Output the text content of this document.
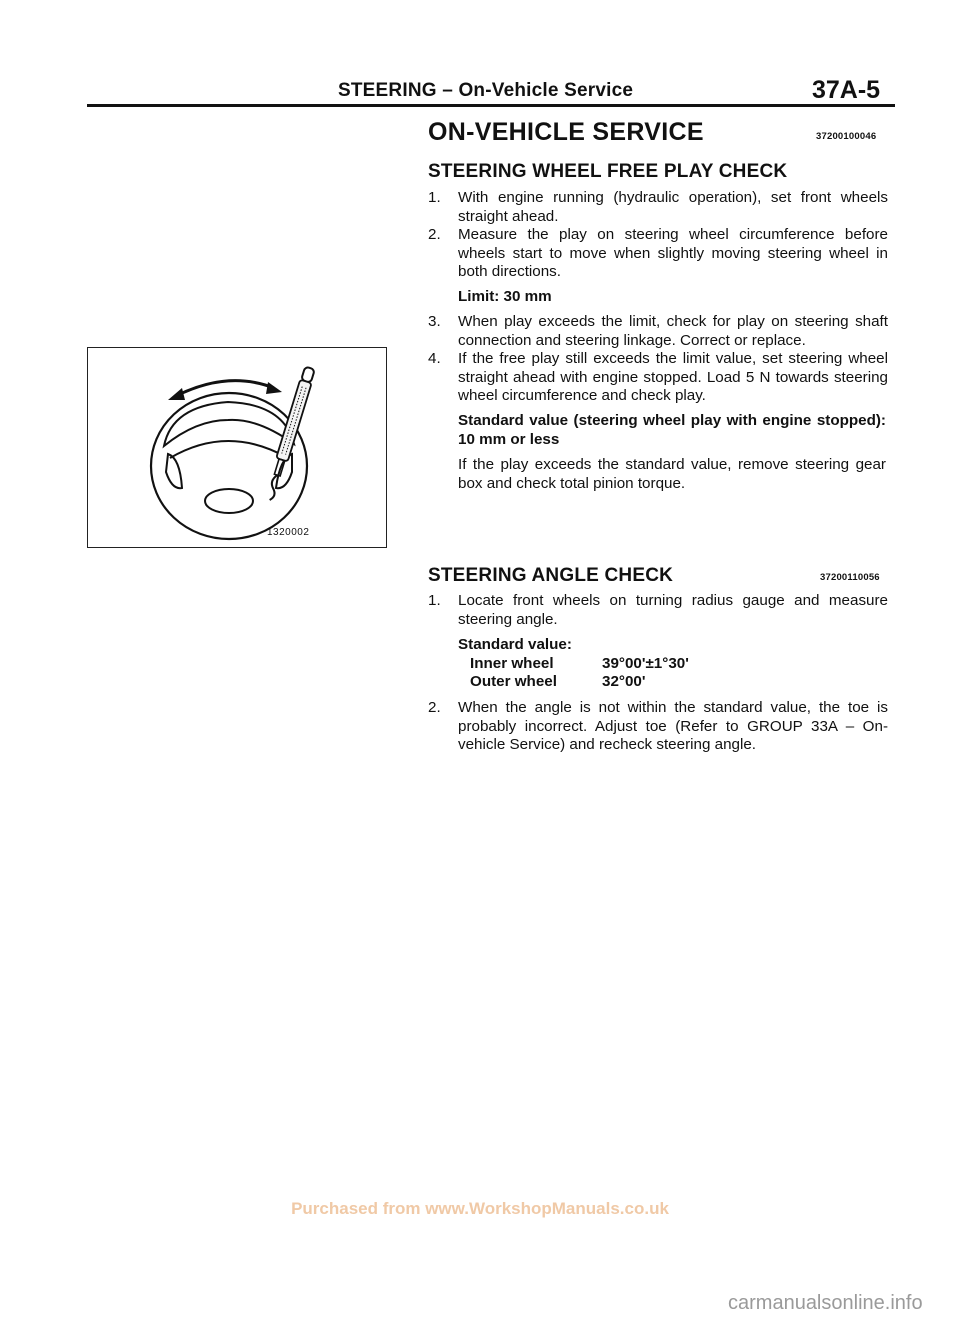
STEERING – On-Vehicle Service	37A-5
ON-VEHICLE SERVICE	37200100046
STEERING WHEEL FREE PLAY CHECK
1. With engine running (hydraulic operation), set front wheels straight ahead.
2. Measure the play on steering wheel circumference before wheels start to move when slightly moving steering wheel in both directions.
Limit: 30 mm
3. When play exceeds the limit, check for play on steering shaft connection and steering linkage. Correct or replace.
4. If the free play still exceeds the limit value, set steering wheel straight ahead with engine stopped. Load 5 N towards steering wheel circumference and check play.
Standard value (steering wheel play with engine stopped): 10 mm or less
If the play exceeds the standard value, remove steering gear box and check total pinion torque.
1320002
STEERING ANGLE CHECK	37200110056
1. Locate front wheels on turning radius gauge and measure steering angle.
Standard value:
Inner wheel	39°00'±1°30'
Outer wheel	32°00'
2. When the angle is not within the standard value, the toe is probably incorrect. Adjust toe (Refer to GROUP 33A – On-vehicle Service) and recheck steering angle.
Purchased from www.WorkshopManuals.co.uk
carmanualsonline.info
